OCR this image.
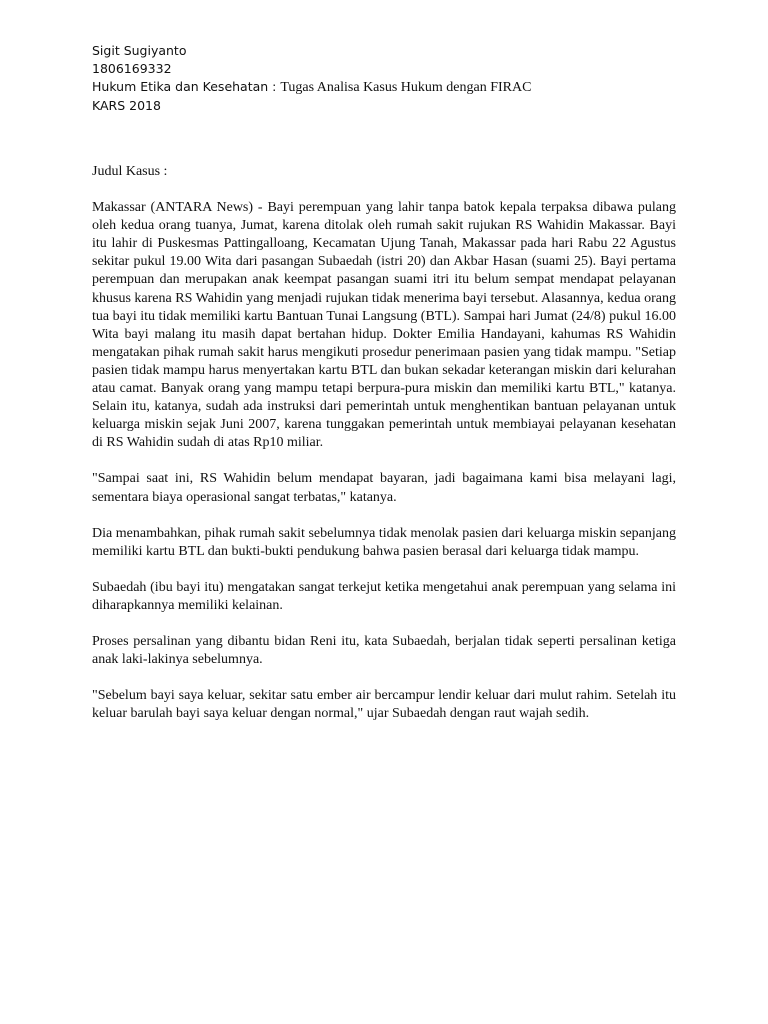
Sigit Sugiyanto
1806169332
Hukum Etika dan Kesehatan : Tugas Analisa Kasus Hukum dengan FIRAC
KARS 2018
Judul Kasus :

Makassar (ANTARA News) - Bayi perempuan yang lahir tanpa batok kepala terpaksa dibawa pulang oleh kedua orang tuanya, Jumat, karena ditolak oleh rumah sakit rujukan RS Wahidin Makassar. Bayi itu lahir di Puskesmas Pattingalloang, Kecamatan Ujung Tanah, Makassar pada hari Rabu 22 Agustus sekitar pukul 19.00 Wita dari pasangan Subaedah (istri 20) dan Akbar Hasan (suami 25). Bayi pertama perempuan dan merupakan anak keempat pasangan suami itri itu belum sempat mendapat pelayanan khusus karena RS Wahidin yang menjadi rujukan tidak menerima bayi tersebut. Alasannya, kedua orang tua bayi itu tidak memiliki kartu Bantuan Tunai Langsung (BTL). Sampai hari Jumat (24/8) pukul 16.00 Wita bayi malang itu masih dapat bertahan hidup. Dokter Emilia Handayani, kahumas RS Wahidin mengatakan pihak rumah sakit harus mengikuti prosedur penerimaan pasien yang tidak mampu. "Setiap pasien tidak mampu harus menyertakan kartu BTL dan bukan sekadar keterangan miskin dari kelurahan atau camat. Banyak orang yang mampu tetapi berpura-pura miskin dan memiliki kartu BTL," katanya. Selain itu, katanya, sudah ada instruksi dari pemerintah untuk menghentikan bantuan pelayanan untuk keluarga miskin sejak Juni 2007, karena tunggakan pemerintah untuk membiayai pelayanan kesehatan di RS Wahidin sudah di atas Rp10 miliar.

"Sampai saat ini, RS Wahidin belum mendapat bayaran, jadi bagaimana kami bisa melayani lagi, sementara biaya operasional sangat terbatas," katanya.

Dia menambahkan, pihak rumah sakit sebelumnya tidak menolak pasien dari keluarga miskin sepanjang memiliki kartu BTL dan bukti-bukti pendukung bahwa pasien berasal dari keluarga tidak mampu.

Subaedah (ibu bayi itu) mengatakan sangat terkejut ketika mengetahui anak perempuan yang selama ini diharapkannya memiliki kelainan.

Proses persalinan yang dibantu bidan Reni itu, kata Subaedah, berjalan tidak seperti persalinan ketiga anak laki-lakinya sebelumnya.

"Sebelum bayi saya keluar, sekitar satu ember air bercampur lendir keluar dari mulut rahim. Setelah itu keluar barulah bayi saya keluar dengan normal," ujar Subaedah dengan raut wajah sedih.
